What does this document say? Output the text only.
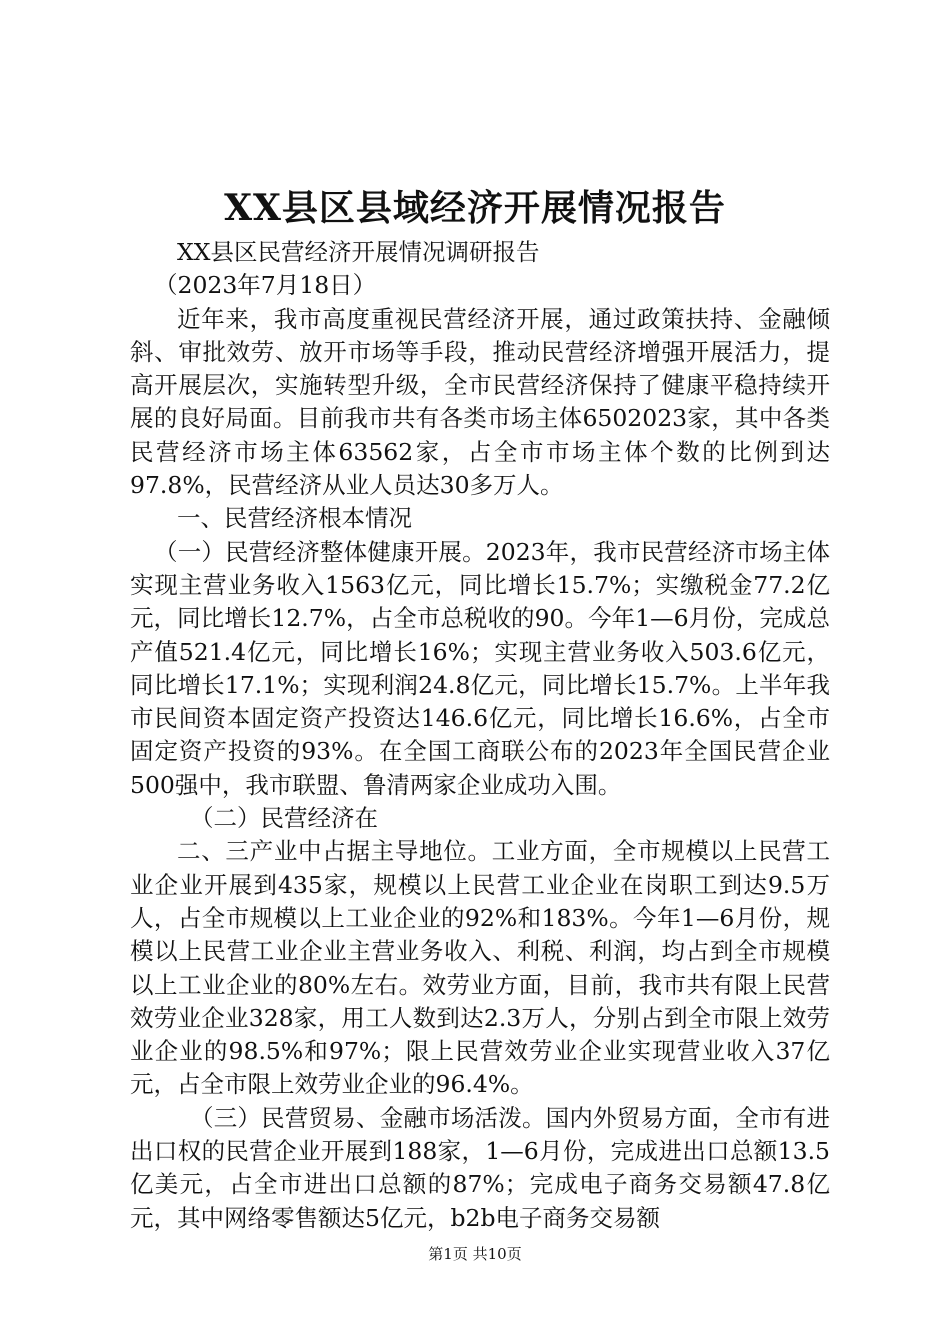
XX县区县域经济开展情况报告

XX县区民营经济开展情况调研报告

（2023年7月18日）

近年来，我市高度重视民营经济开展，通过政策扶持、金融倾斜、审批效劳、放开市场等手段，推动民营经济增强开展活力，提高开展层次，实施转型升级，全市民营经济保持了健康平稳持续开展的良好局面。目前我市共有各类市场主体6502023家，其中各类民营经济市场主体63562家，占全市市场主体个数的比例到达97.8%，民营经济从业人员达30多万人。

一、民营经济根本情况

（一）民营经济整体健康开展。2023年，我市民营经济市场主体实现主营业务收入1563亿元，同比增长15.7%；实缴税金77.2亿元，同比增长12.7%，占全市总税收的90。今年1—6月份，完成总产值521.4亿元，同比增长16%；实现主营业务收入503.6亿元，同比增长17.1%；实现利润24.8亿元，同比增长15.7%。上半年我市民间资本固定资产投资达146.6亿元，同比增长16.6%，占全市固定资产投资的93%。在全国工商联公布的2023年全国民营企业500强中，我市联盟、鲁清两家企业成功入围。

（二）民营经济在

二、三产业中占据主导地位。工业方面，全市规模以上民营工业企业开展到435家，规模以上民营工业企业在岗职工到达9.5万人，占全市规模以上工业企业的92%和183%。今年1—6月份，规模以上民营工业企业主营业务收入、利税、利润，均占到全市规模以上工业企业的80%左右。效劳业方面，目前，我市共有限上民营效劳业企业328家，用工人数到达2.3万人，分别占到全市限上效劳业企业的98.5%和97%；限上民营效劳业企业实现营业收入37亿元，占全市限上效劳业企业的96.4%。

（三）民营贸易、金融市场活泼。国内外贸易方面，全市有进出口权的民营企业开展到188家，1—6月份，完成进出口总额13.5亿美元，占全市进出口总额的87%；完成电子商务交易额47.8亿元，其中网络零售额达5亿元，b2b电子商务交易额

第1页 共10页
